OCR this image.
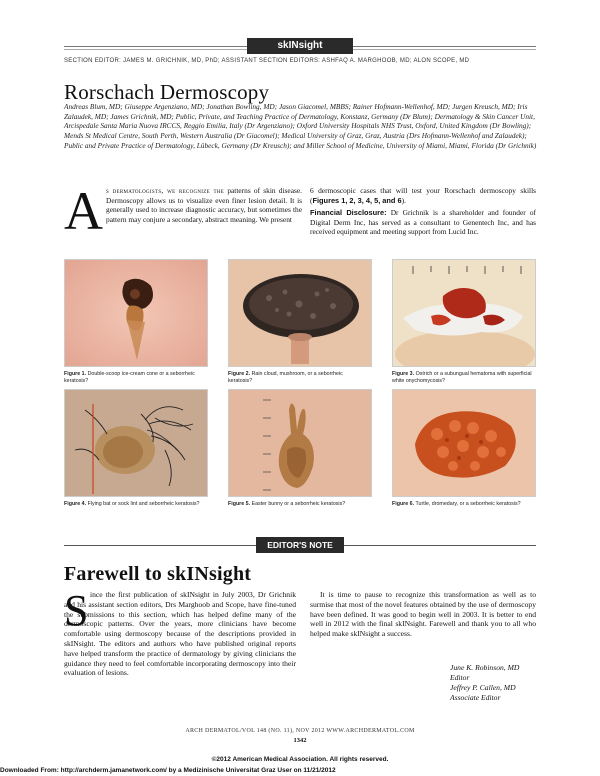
skINsight
SECTION EDITOR: JAMES M. GRICHNIK, MD, PhD; ASSISTANT SECTION EDITORS: ASHFAQ A. MARGHOOB, MD; ALON SCOPE, MD
Rorschach Dermoscopy
Andreas Blum, MD; Giuseppe Argenziano, MD; Jonathan Bowling, MD; Jason Giacomel, MBBS; Rainer Hofmann-Wellenhof, MD; Jurgen Kreusch, MD; Iris Zalaudek, MD; James Grichnik, MD; Public, Private, and Teaching Practice of Dermatology, Konstanz, Germany (Dr Blum); Dermatology & Skin Cancer Unit, Arcispedale Santa Maria Nuova IRCCS, Reggio Emilia, Italy (Dr Argenziano); Oxford University Hospitals NHS Trust, Oxford, United Kingdom (Dr Bowling); Mends St Medical Centre, South Perth, Western Australia (Dr Giacomel); Medical University of Graz, Graz, Austria (Drs Hofmann-Wellenhof and Zalaudek); Public and Private Practice of Dermatology, Lübeck, Germany (Dr Kreusch); and Miller School of Medicine, University of Miami, Miami, Florida (Dr Grichnik)
A s dermatologists, we recognize the patterns of skin disease. Dermoscopy allows us to visualize even finer lesion detail. It is generally used to increase diagnostic accuracy, but sometimes the pattern may conjure a secondary, abstract meaning. We present

6 dermoscopic cases that will test your Rorschach dermoscopy skills (Figures 1, 2, 3, 4, 5, and 6).

Financial Disclosure: Dr Grichnik is a shareholder and founder of Digital Derm Inc, has served as a consultant to Genentech Inc, and has received equipment and meeting support from Lucid Inc.

Figure 1. Double-scoop ice-cream cone or a seborrheic keratosis?
Figure 2. Rain cloud, mushroom, or a seborrheic keratosis?
Figure 3. Ostrich or a subungual hematoma with superficial white onychomycosis?
Figure 4. Flying bat or sock lint and seborrheic keratosis?	Figure 5. Easter bunny or a seborrheic keratosis?	Figure 6. Turtle, dromedary, or a seborrheic keratosis?
EDITOR'S NOTE
Farewell to skINsight
S ince the first publication of skINsight in July 2003, Dr Grichnik and his assistant section editors, Drs Marghoob and Scope, have fine-tuned the submissions to this section, which has helped define many of the dermoscopic patterns. Over the years, more clinicians have become comfortable using dermoscopy because of the descriptions provided in skINsight. The editors and authors who have published original reports have helped transform the practice of dermatology by giving clinicians the guidance they need to feel comfortable incorporating dermoscopy into their evaluation of lesions.
It is time to pause to recognize this transformation as well as to surmise that most of the novel features obtained by the use of dermoscopy have been defined. It was good to begin well in 2003. It is better to end well in 2012 with the final skINsight. Farewell and thank you to all who helped make skINsight a success.
June K. Robinson, MD
Editor
Jeffrey P. Callen, MD
Associate Editor
ARCH DERMATOL/VOL 148 (NO. 11), NOV 2012 WWW.ARCHDERMATOL.COM
1342
©2012 American Medical Association. All rights reserved.
Downloaded From: http://archderm.jamanetwork.com/ by a Medizinische Universitat Graz User on 11/21/2012
